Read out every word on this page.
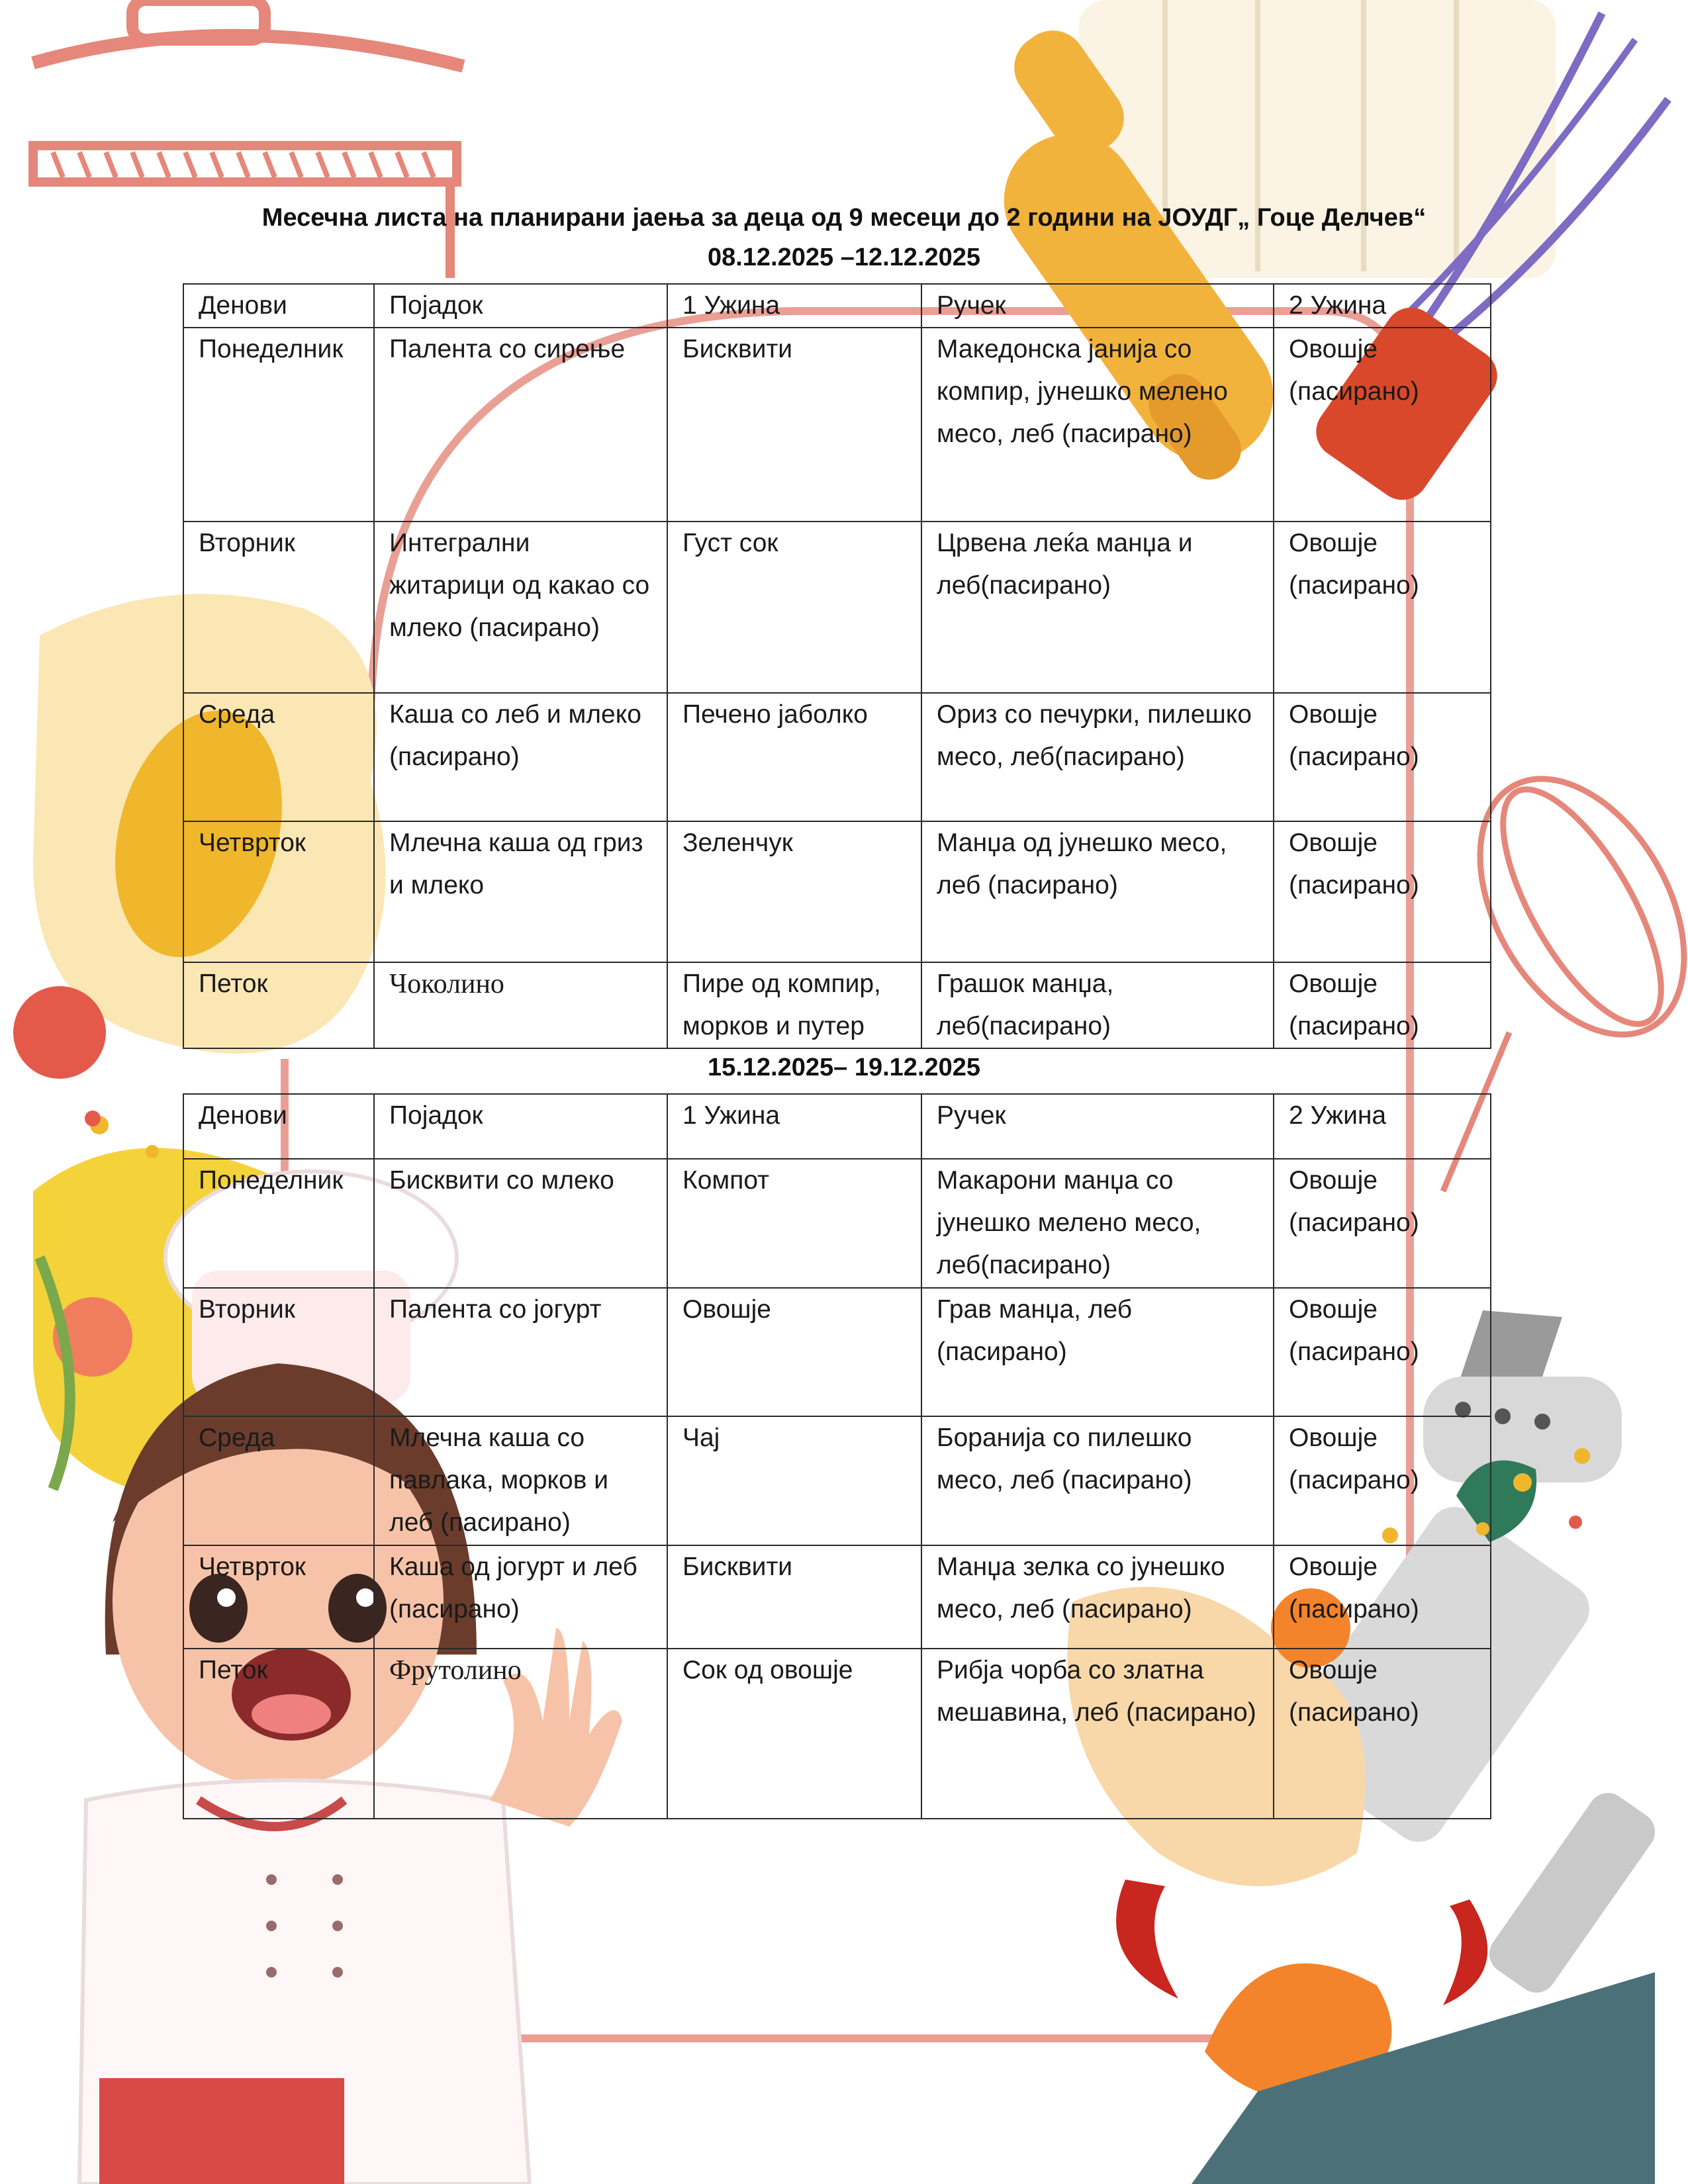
Месечна листа на планирани јаења за деца од 9 месеци до 2 години на ЈОУДГ„ Гоце Делчев“
08.12.2025 –12.12.2025
Денови	Појадок	1 Ужина	Ручек	2 Ужина
Понеделник	Палента со сирење	Бисквити	Македонска јанија со компир, јунешко мелено месо, леб (пасирано)	Овошје (пасирано)
Вторник	Интегрални житарици од какао со млеко (пасирано)	Густ сок	Црвена леќа манџа и леб(пасирано)	Овошје (пасирано)
Среда	Каша со леб и млеко (пасирано)	Печено јаболко	Ориз со печурки, пилешко месо, леб(пасирано)	Овошје (пасирано)
Четврток	Млечна каша од гриз и млеко	Зеленчук	Манџа од јунешко месо, леб (пасирано)	Овошје (пасирано)
Петок	Чоколино	Пире од компир, морков и путер	Грашок манџа, леб(пасирано)	Овошје (пасирано)
15.12.2025– 19.12.2025
Денови	Појадок	1 Ужина	Ручек	2 Ужина
Понеделник	Бисквити со млеко	Компот	Макарони манџа со јунешко мелено месо, леб(пасирано)	Овошје (пасирано)
Вторник	Палента со јогурт	Овошје	Грав манџа, леб (пасирано)	Овошје (пасирано)
Среда	Млечна каша со павлака, морков и леб (пасирано)	Чај	Боранија со пилешко месо, леб (пасирано)	Овошје (пасирано)
Четврток	Каша од јогурт и леб (пасирано)	Бисквити	Манџа зелка со јунешко месо, леб (пасирано)	Овошје (пасирано)
Петок	Фрутолино	Сок од овошје	Рибја чорба со златна мешавина, леб (пасирано)	Овошје (пасирано)
